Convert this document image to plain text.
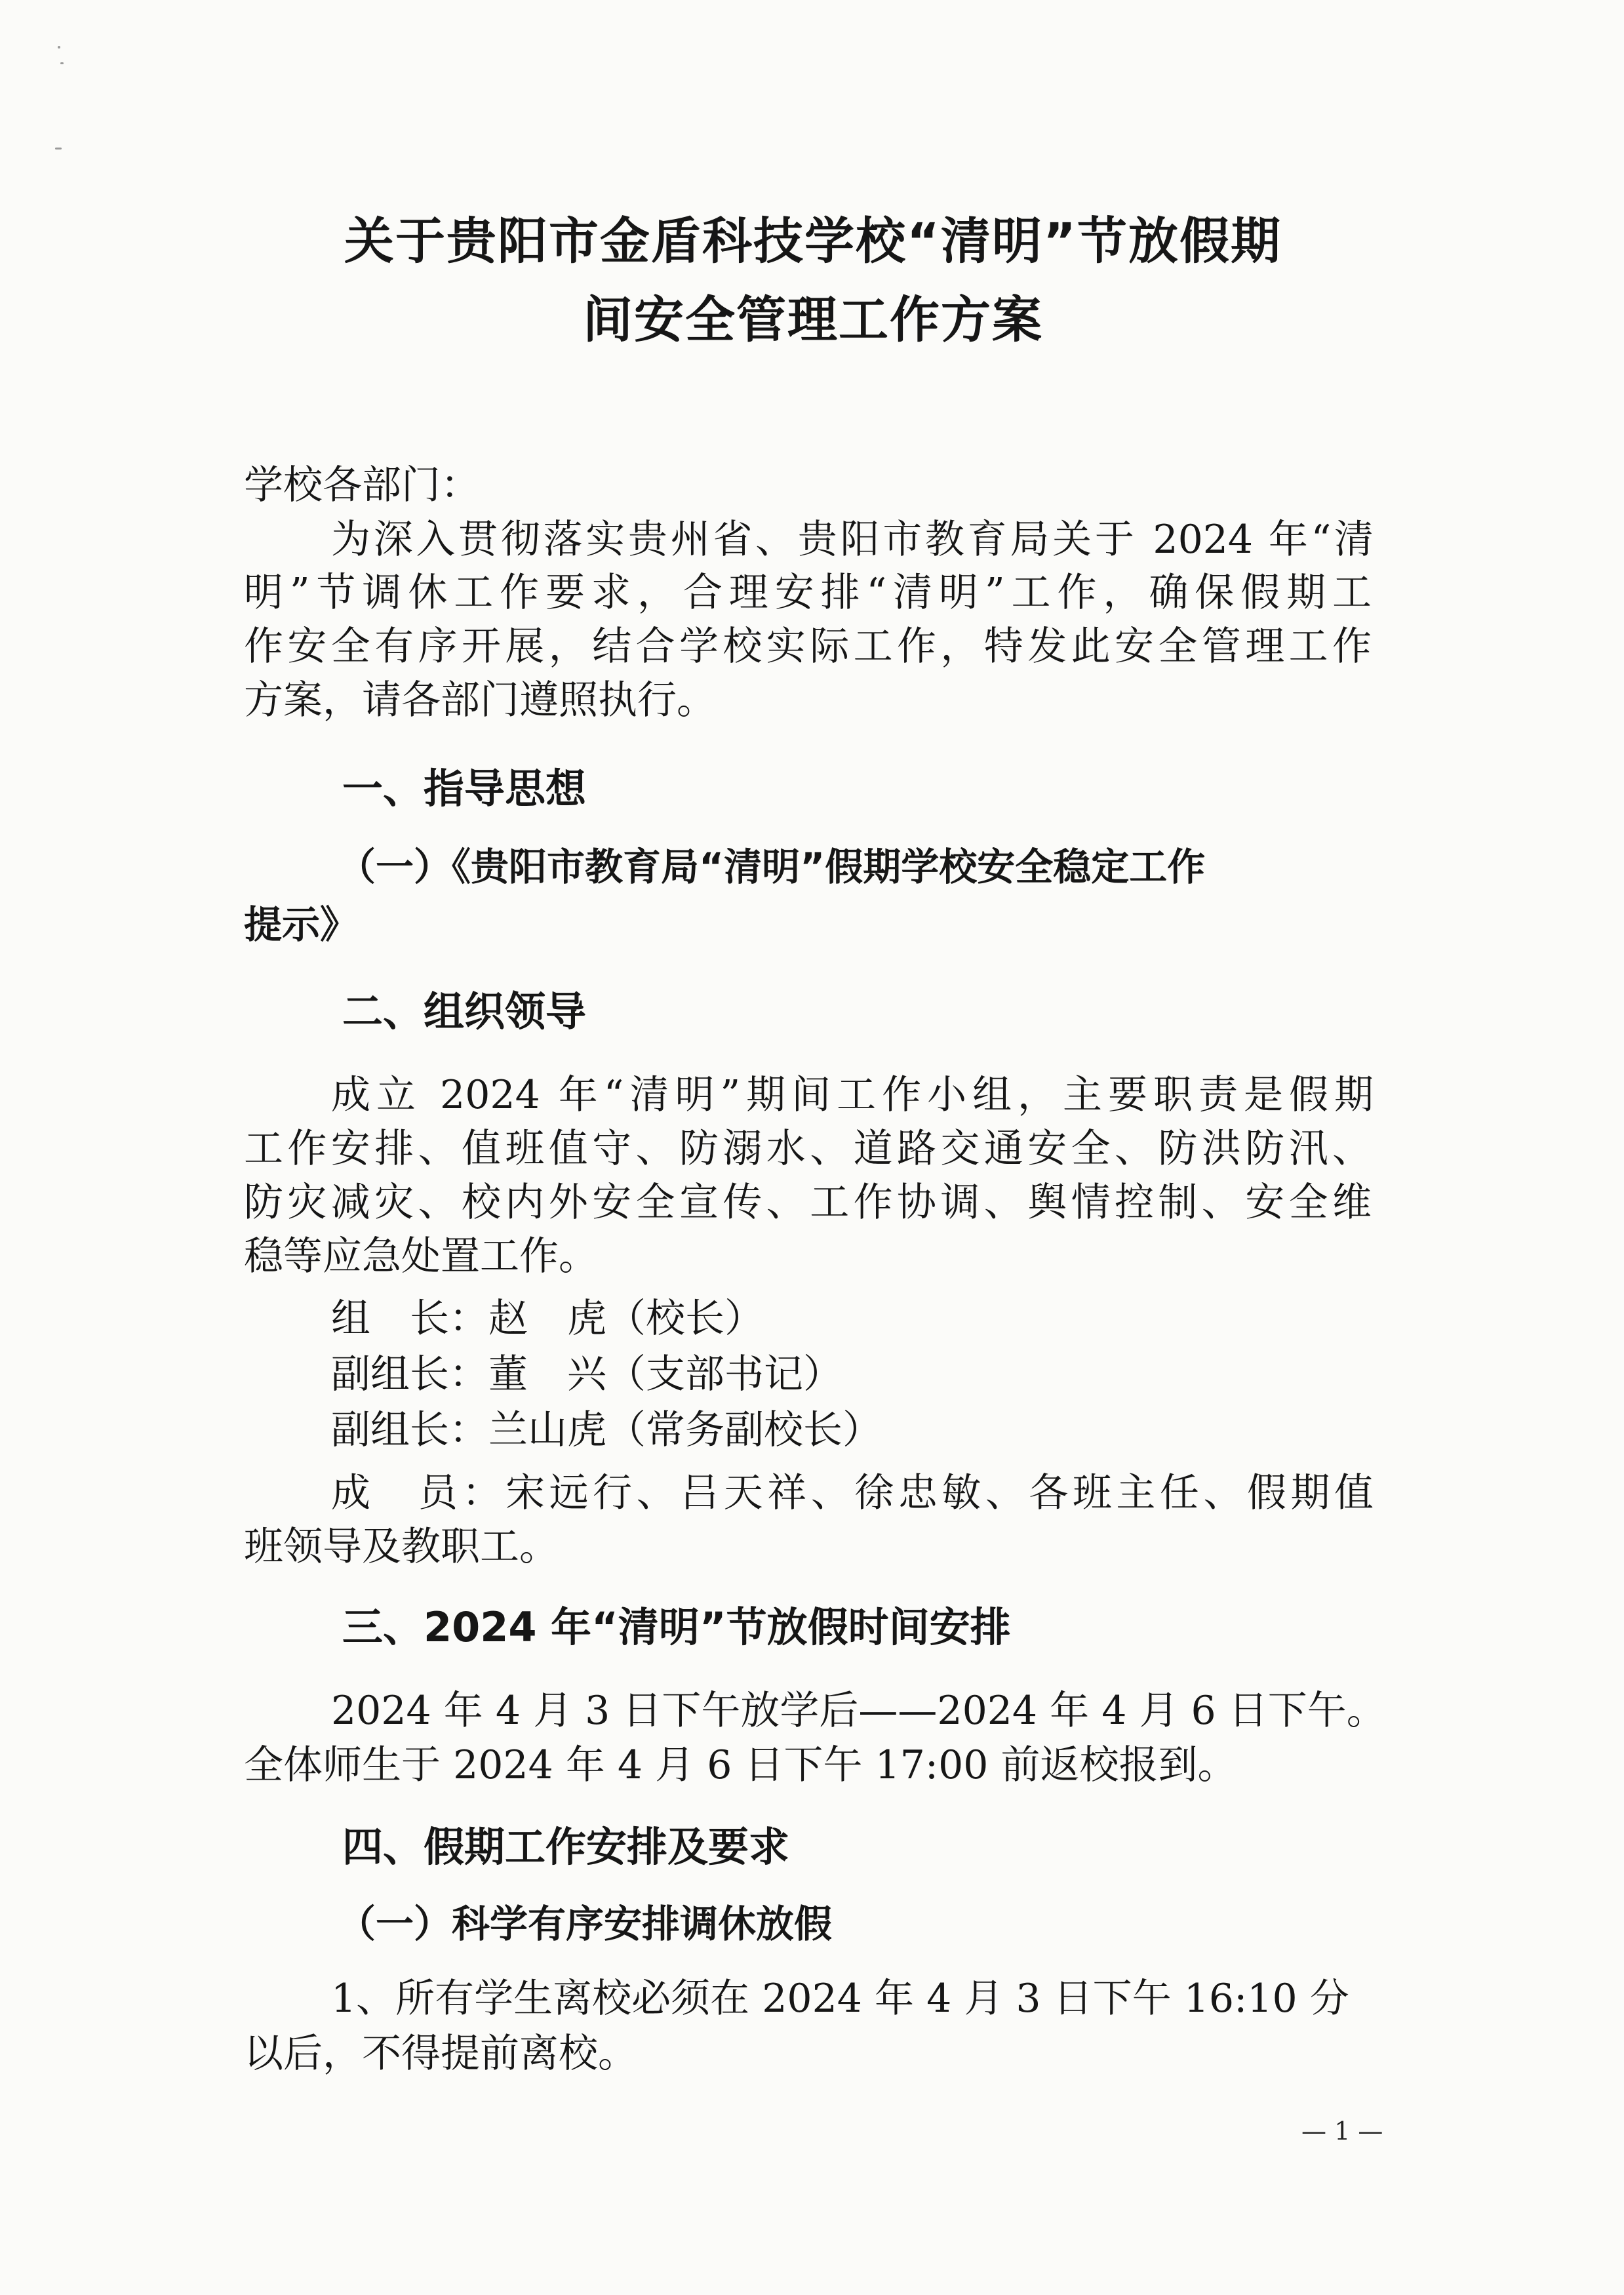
关于贵阳市金盾科技学校“清明”节放假期
间安全管理工作方案
学校各部门：
为深入贯彻落实贵州省、贵阳市教育局关于 2024 年“清
明”节调休工作要求，合理安排“清明”工作，确保假期工
作安全有序开展，结合学校实际工作，特发此安全管理工作
方案，请各部门遵照执行。
一、指导思想
（一）《贵阳市教育局“清明”假期学校安全稳定工作
提示》
二、组织领导
成立 2024 年“清明”期间工作小组，主要职责是假期
工作安排、值班值守、防溺水、道路交通安全、防洪防汛、
防灾减灾、校内外安全宣传、工作协调、舆情控制、安全维
稳等应急处置工作。
组　长：赵　虎（校长）
副组长：董　兴（支部书记）
副组长：兰山虎（常务副校长）
成　员：宋远行、吕天祥、徐忠敏、各班主任、假期值
班领导及教职工。
三、2024 年“清明”节放假时间安排
2024 年 4 月 3 日下午放学后——2024 年 4 月 6 日下午。
全体师生于 2024 年 4 月 6 日下午 17:00 前返校报到。
四、假期工作安排及要求
（一）科学有序安排调休放假
1、所有学生离校必须在 2024 年 4 月 3 日下午 16:10 分
以后，不得提前离校。
— 1 —
